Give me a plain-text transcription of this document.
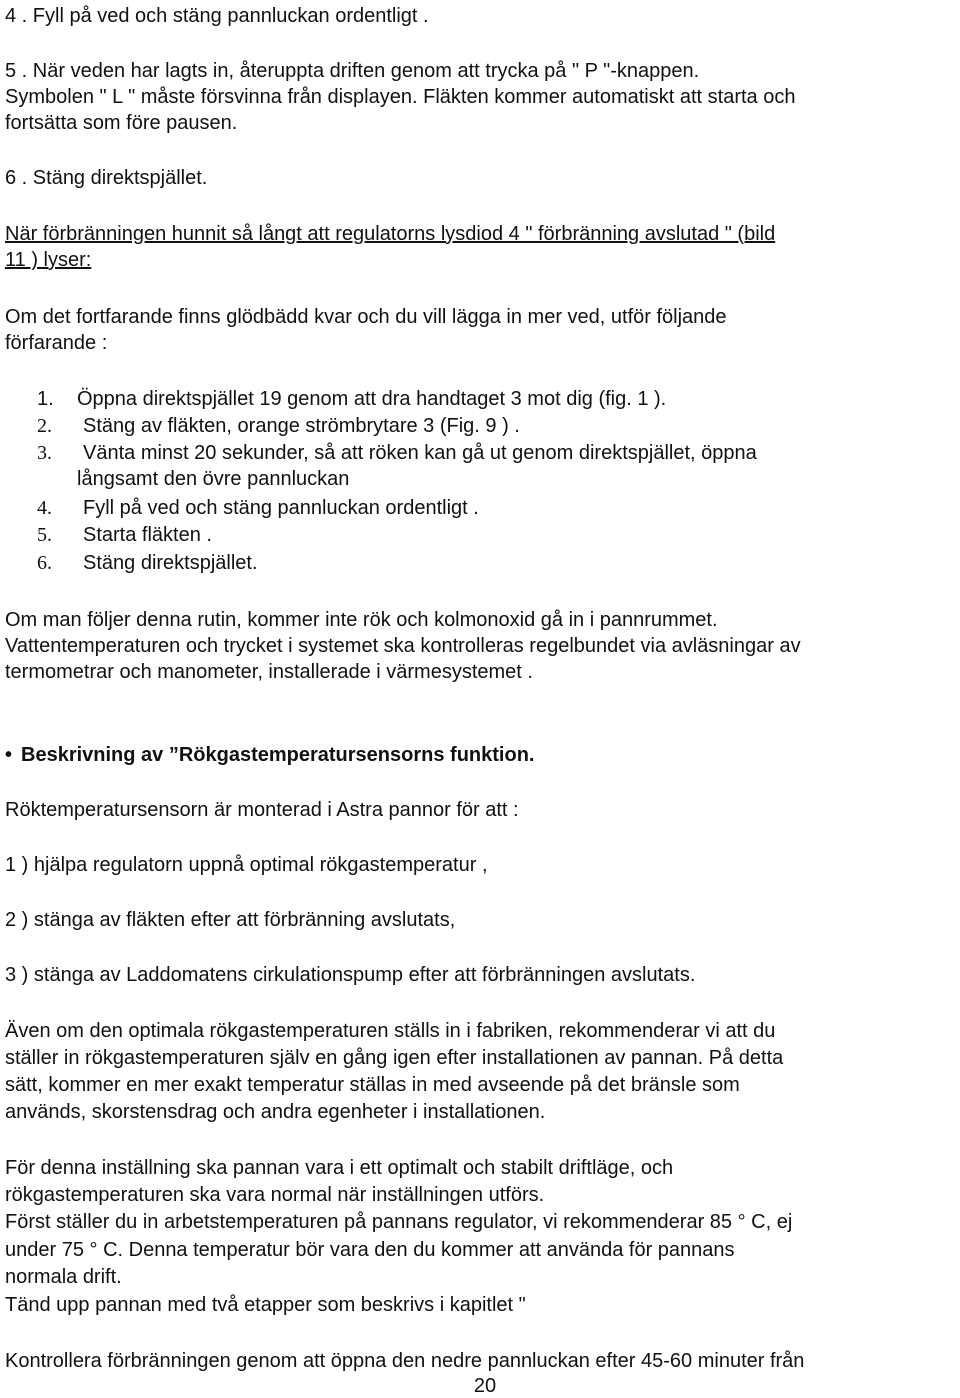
4 . Fyll på ved och stäng pannluckan ordentligt .
5 . När veden har lagts in, återuppta driften genom att trycka på " P "-knappen.
Symbolen " L " måste försvinna från displayen. Fläkten kommer automatiskt att starta och
fortsätta som före pausen.
6 . Stäng direktspjället.
När förbränningen hunnit så långt att regulatorns lysdiod 4 " förbränning avslutad " (bild
11 ) lyser:
Om det fortfarande finns glödbädd kvar och du vill lägga in mer ved, utför följande
förfarande :
1. Öppna direktspjället 19 genom att dra handtaget 3 mot dig (fig. 1 ).
2. Stäng av fläkten, orange strömbrytare 3 (Fig. 9 ) .
3. Vänta minst 20 sekunder, så att röken kan gå ut genom direktspjället, öppna
långsamt den övre pannluckan
4. Fyll på ved och stäng pannluckan ordentligt .
5. Starta fläkten .
6. Stäng direktspjället.
Om man följer denna rutin, kommer inte rök och kolmonoxid gå in i pannrummet.
Vattentemperaturen och trycket i systemet ska kontrolleras regelbundet via avläsningar av
termometrar och manometer, installerade i värmesystemet .
• Beskrivning av ”Rökgastemperatursensorns funktion.
Röktemperatursensorn är monterad i Astra pannor för att :
1 ) hjälpa regulatorn uppnå optimal rökgastemperatur ,
2 ) stänga av fläkten efter att förbränning avslutats,
3 ) stänga av Laddomatens cirkulationspump efter att förbränningen avslutats.
Även om den optimala rökgastemperaturen ställs in i fabriken, rekommenderar vi att du
ställer in rökgastemperaturen själv en gång igen efter installationen av pannan. På detta
sätt, kommer en mer exakt temperatur ställas in med avseende på det bränsle som
används, skorstensdrag och andra egenheter i installationen.
För denna inställning ska pannan vara i ett optimalt och stabilt driftläge, och
rökgastemperaturen ska vara normal när inställningen utförs.
Först ställer du in arbetstemperaturen på pannans regulator, vi rekommenderar 85 ° C, ej
under 75 ° C. Denna temperatur bör vara den du kommer att använda för pannans
normala drift.
Tänd upp pannan med två etapper som beskrivs i kapitlet "
Kontrollera förbränningen genom att öppna den nedre pannluckan efter 45-60 minuter från
20
